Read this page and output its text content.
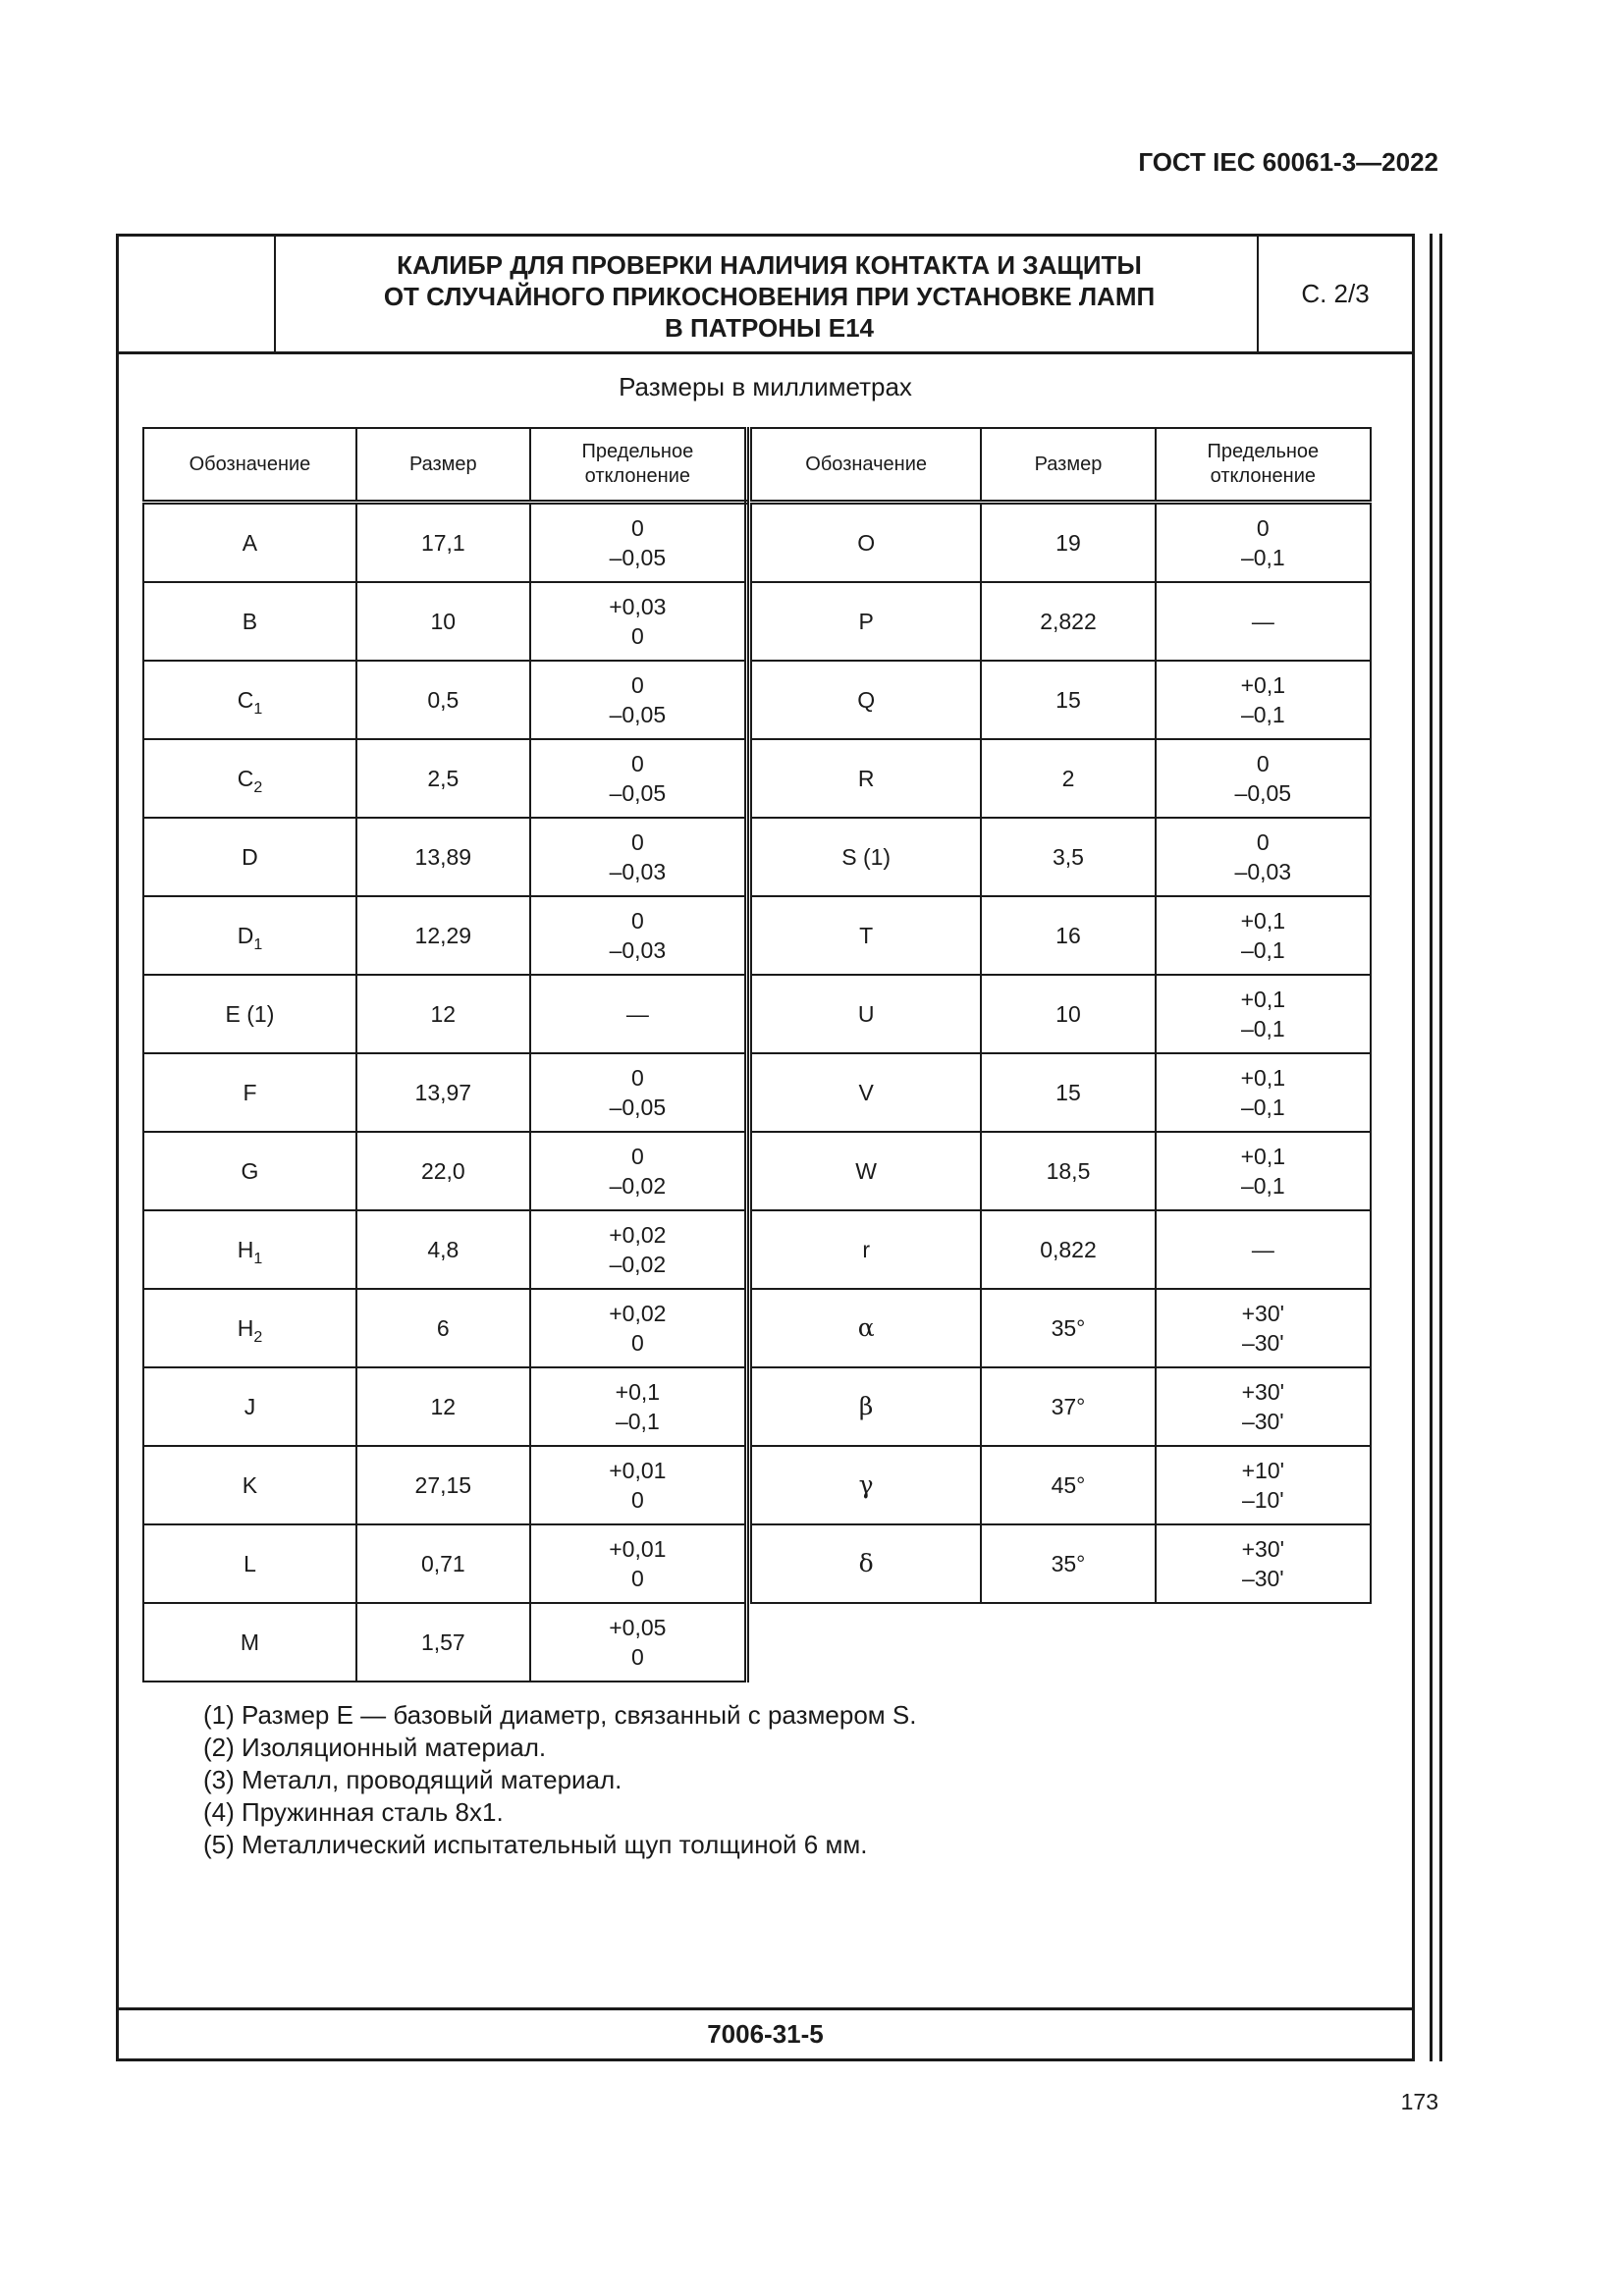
ГОСТ IEC 60061-3—2022
КАЛИБР ДЛЯ ПРОВЕРКИ НАЛИЧИЯ КОНТАКТА И ЗАЩИТЫ
ОТ СЛУЧАЙНОГО ПРИКОСНОВЕНИЯ ПРИ УСТАНОВКЕ ЛАМП
В ПАТРОНЫ Е14
С. 2/3
Размеры в миллиметрах
Обозначение	Размер	Предельное
отклонение
A	17,1	0
–0,05

B	10	+0,03
0

$C_1$	0,5	0
–0,05

$C_2$	2,5	0
–0,05

D	13,89	0
–0,03

$D_1$	12,29	0
–0,03

E (1)	12	—

F	13,97	0
–0,05

G	22,0	0
–0,02

$H_1$	4,8	+0,02
–0,02

$H_2$	6	+0,02
0

J	12	+0,1
–0,1

K	27,15	+0,01
0

L	0,71	+0,01
0

M	1,57	+0,05
0
Обозначение	Размер	Предельное
отклонение
O	19	0
–0,1

P	2,822	—

Q	15	+0,1
–0,1

R	2	0
–0,05

S (1)	3,5	0
–0,03

T	16	+0,1
–0,1

U	10	+0,1
–0,1

V	15	+0,1
–0,1

W	18,5	+0,1
–0,1

r	0,822	—

α	35°	+30'
–30'

β	37°	+30'
–30'

γ	45°	+10'
–10'

δ	35°	+30'
–30'
(1) Размер E — базовый диаметр, связанный с размером S.
(2) Изоляционный материал.
(3) Металл, проводящий материал.
(4) Пружинная сталь 8x1.
(5) Металлический испытательный щуп толщиной 6 мм.
7006-31-5
173
